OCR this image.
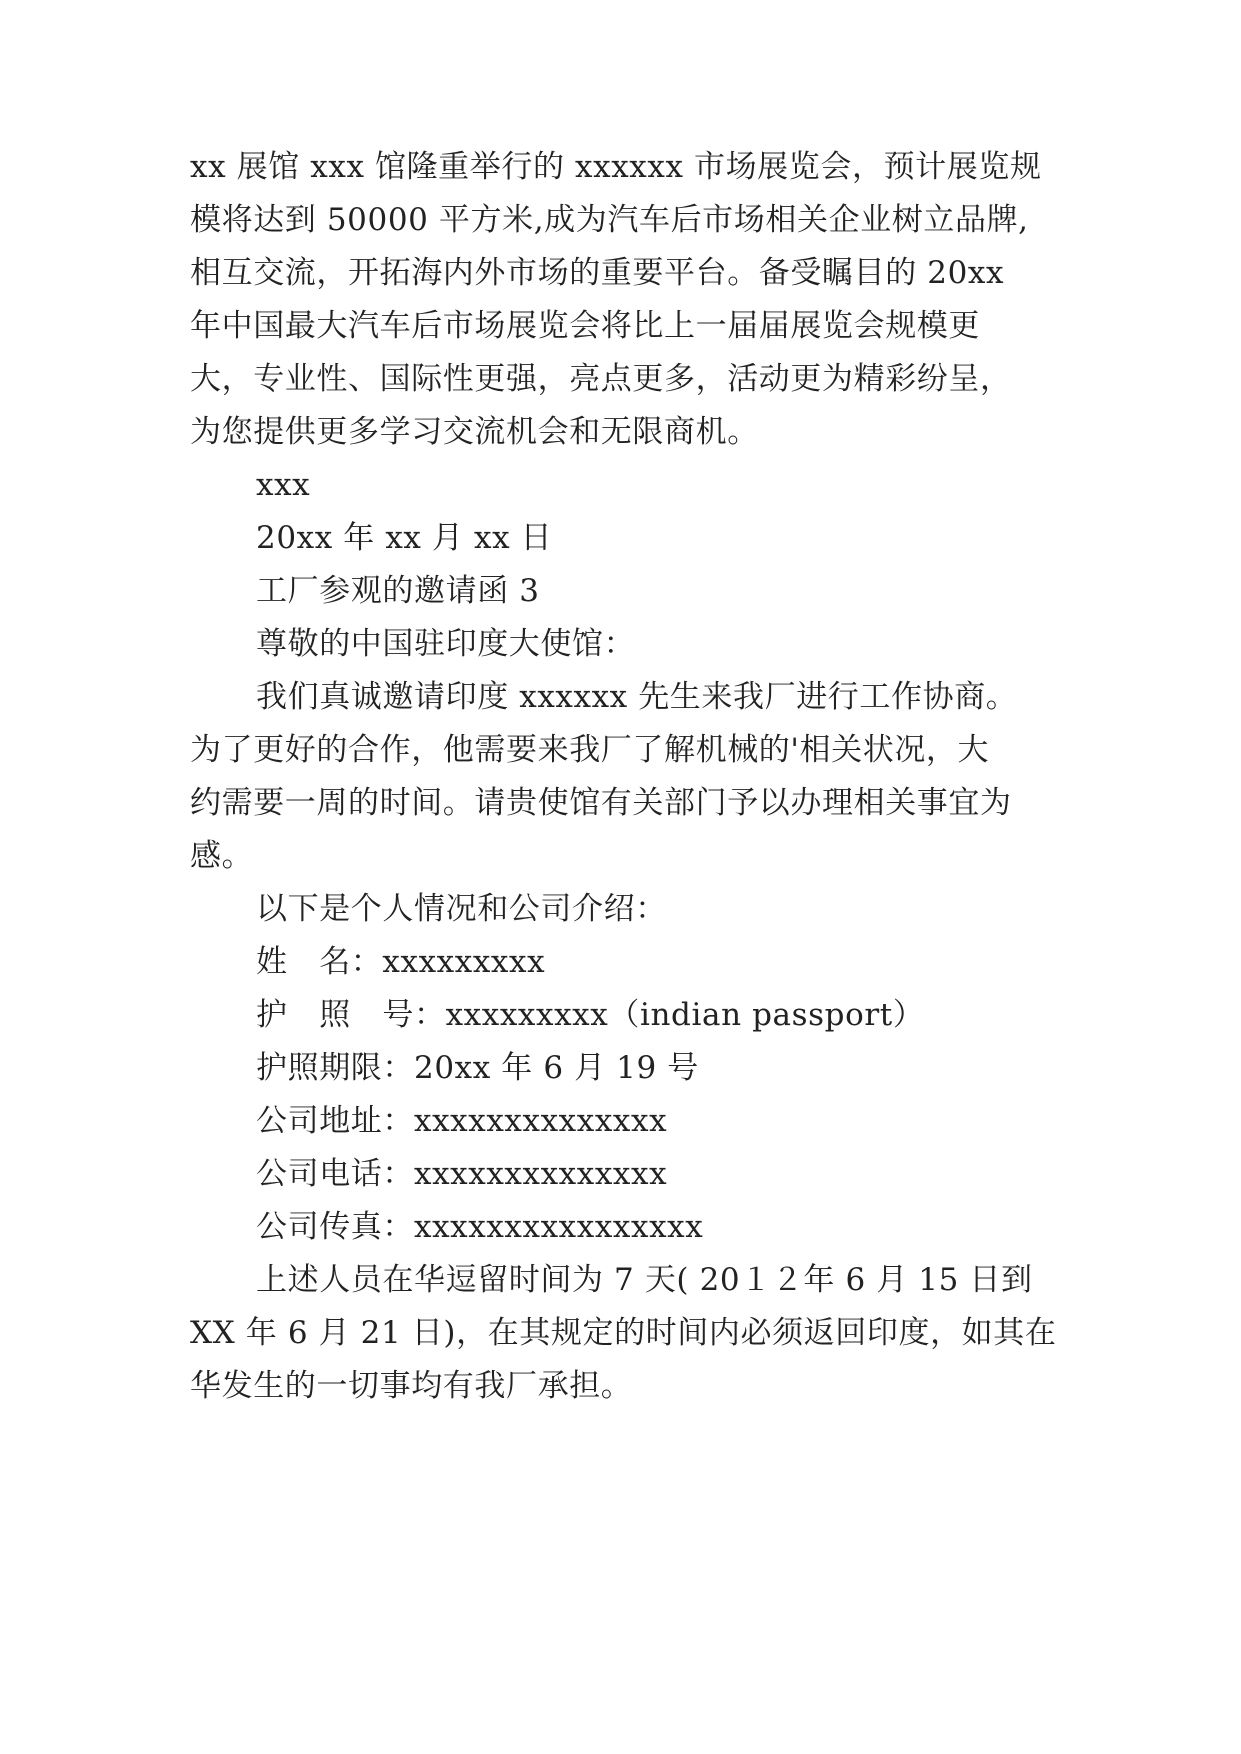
xx 展馆 xxx 馆隆重举行的 xxxxxx 市场展览会，预计展览规
模将达到 50000 平方米,成为汽车后市场相关企业树立品牌,
相互交流，开拓海内外市场的重要平台。备受瞩目的 20xx
年中国最大汽车后市场展览会将比上一届届展览会规模更
大，专业性、国际性更强，亮点更多，活动更为精彩纷呈，
为您提供更多学习交流机会和无限商机。
xxx
20xx 年 xx 月 xx 日
工厂参观的邀请函 3
尊敬的中国驻印度大使馆：
我们真诚邀请印度 xxxxxx 先生来我厂进行工作协商。
为了更好的合作，他需要来我厂了解机械的'相关状况，大
约需要一周的时间。请贵使馆有关部门予以办理相关事宜为
感。
以下是个人情况和公司介绍：
姓　名：xxxxxxxxx
护　照　号：xxxxxxxxx（indian passport）
护照期限：20xx 年 6 月 19 号
公司地址：xxxxxxxxxxxxxx
公司电话：xxxxxxxxxxxxxx
公司传真：xxxxxxxxxxxxxxxx
上述人员在华逗留时间为 7 天( 20１２年 6 月 15 日到
XX 年 6 月 21 日)，在其规定的时间内必须返回印度，如其在
华发生的一切事均有我厂承担。
